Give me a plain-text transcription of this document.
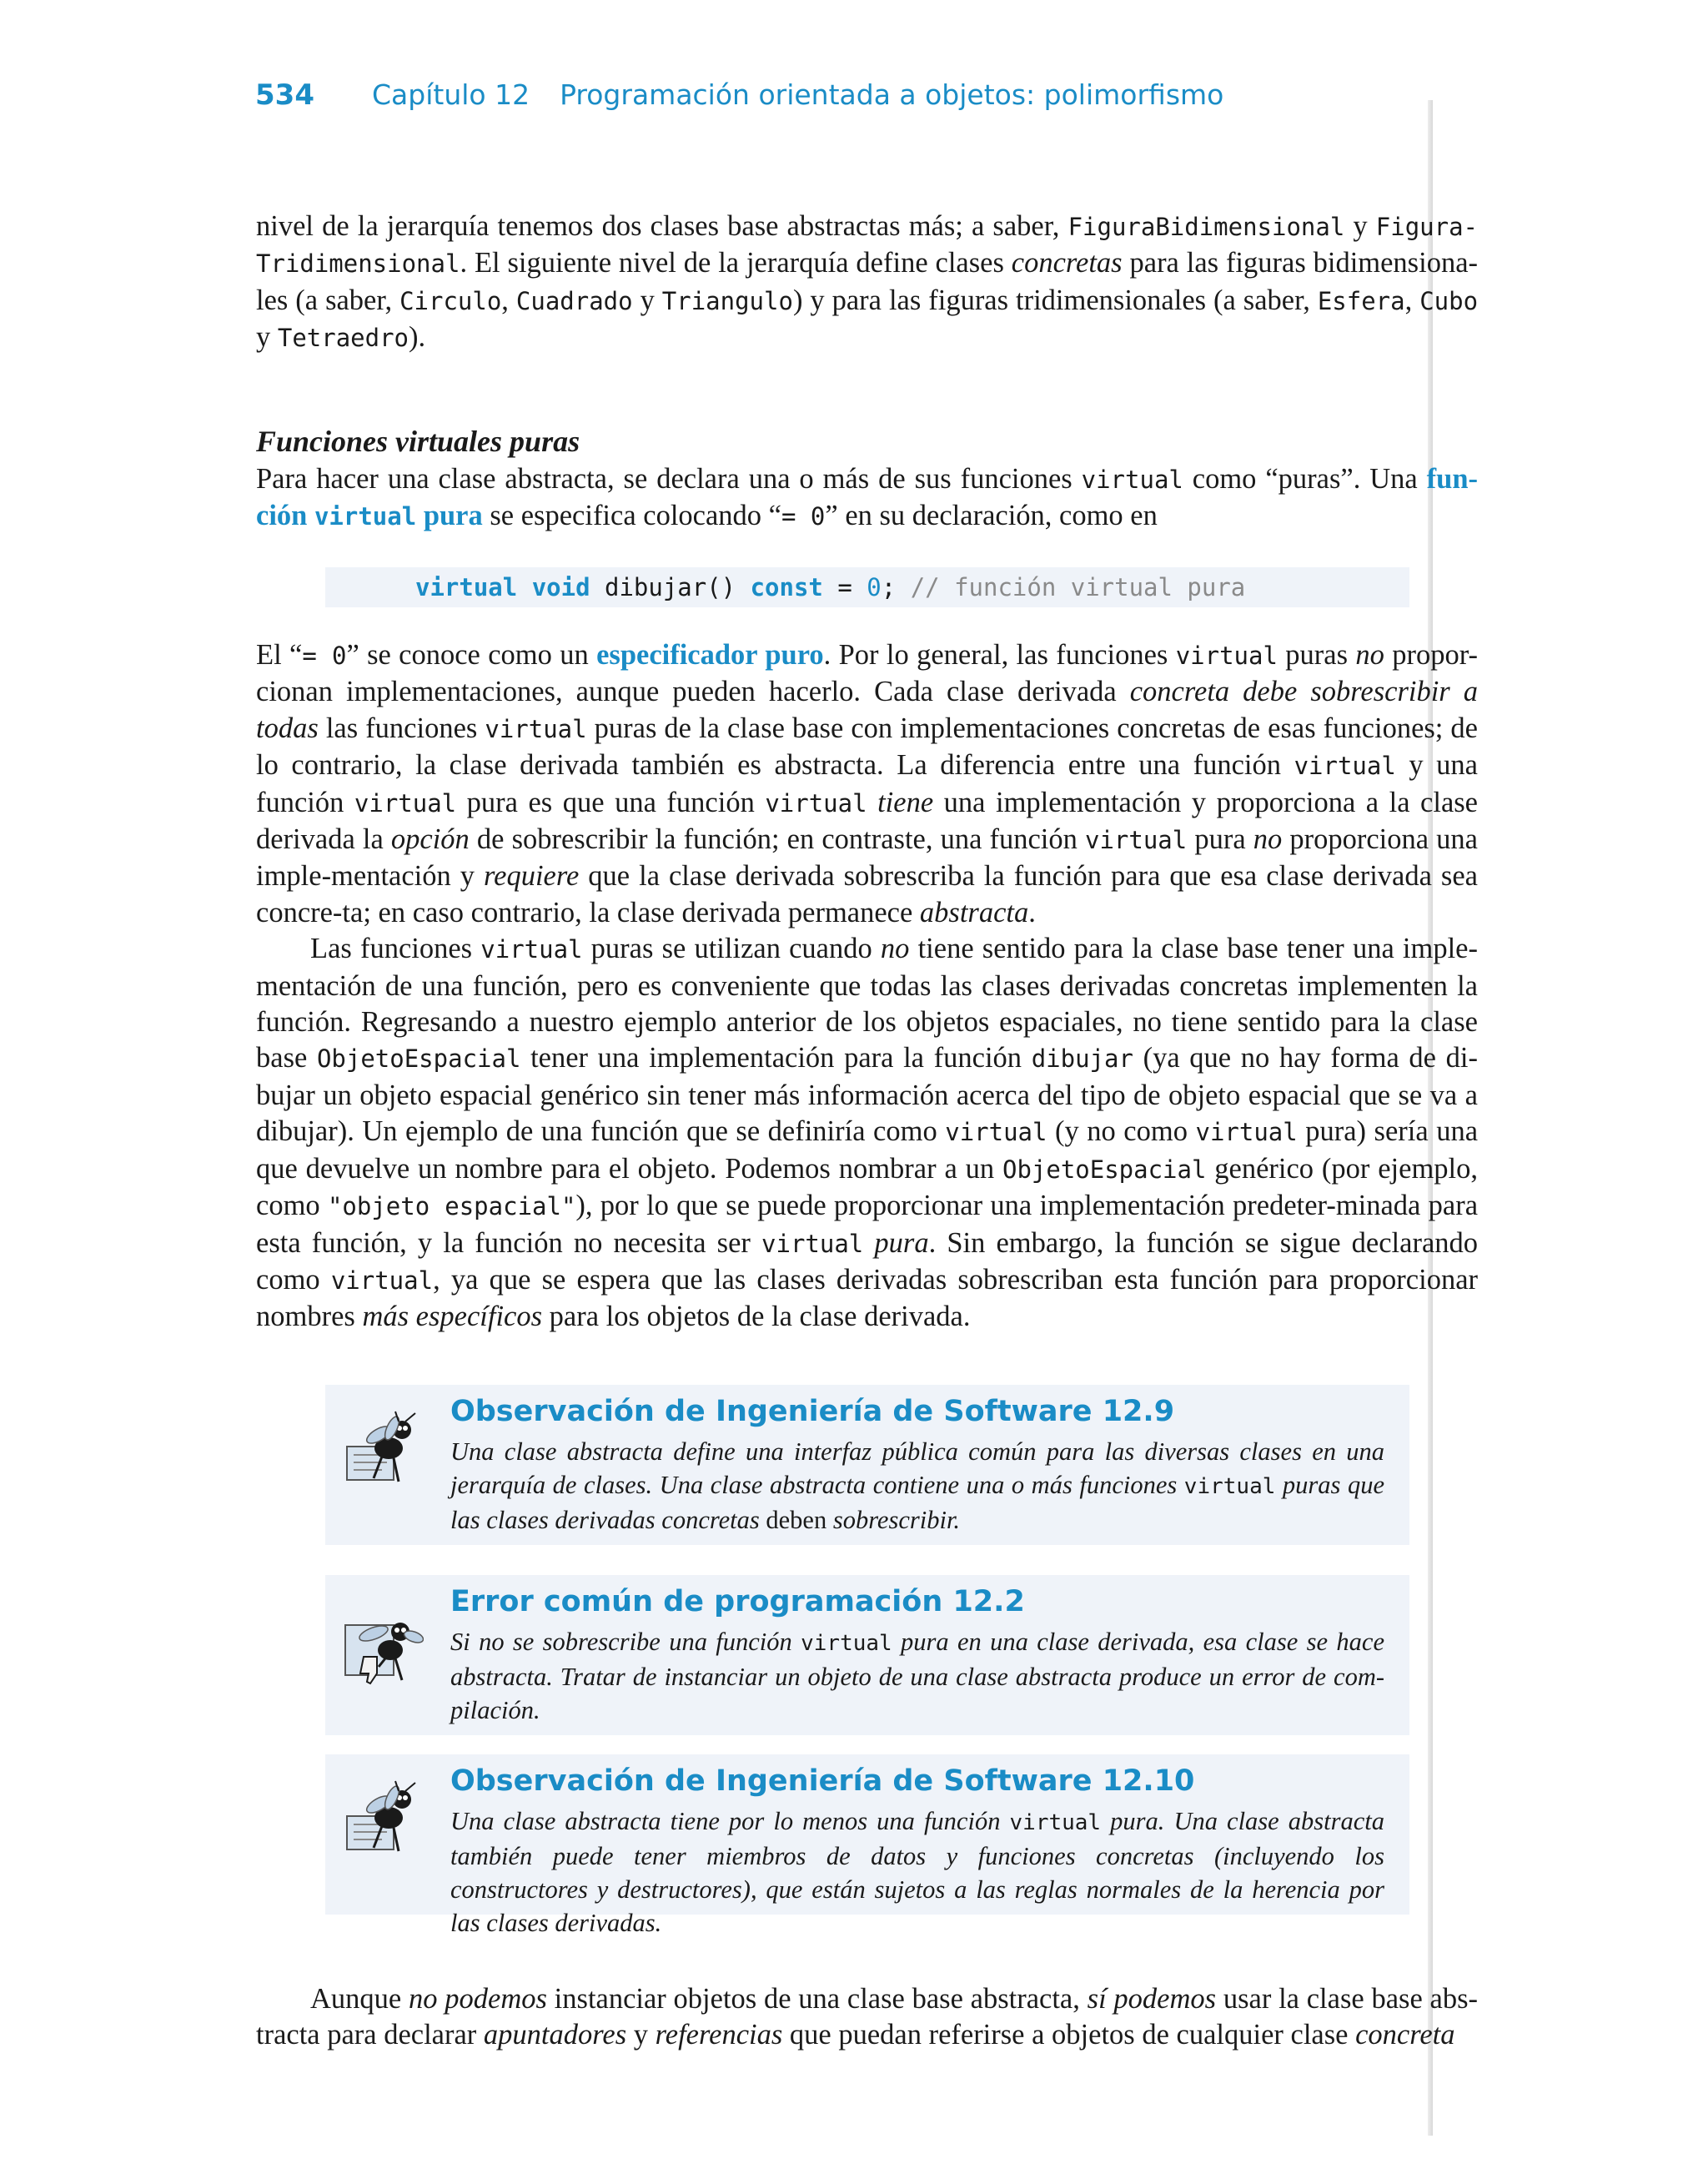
534	Capítulo 12 Programación orientada a objetos: polimorfismo

nivel de la jerarquía tenemos dos clases base abstractas más; a saber, FiguraBidimensional y Figura-Tridimensional. El siguiente nivel de la jerarquía define clases concretas para las figuras bidimensiona-les (a saber, Circulo, Cuadrado y Triangulo) y para las figuras tridimensionales (a saber, Esfera, Cubo y Tetraedro).

Funciones virtuales puras

Para hacer una clase abstracta, se declara una o más de sus funciones virtual como “puras”. Una fun-ción virtual pura se especifica colocando “= 0” en su declaración, como en

virtual void dibujar() const = 0; // función virtual pura

El “= 0” se conoce como un especificador puro. Por lo general, las funciones virtual puras no propor-cionan implementaciones, aunque pueden hacerlo. Cada clase derivada concreta debe sobrescribir a todas las funciones virtual puras de la clase base con implementaciones concretas de esas funciones; de lo contrario, la clase derivada también es abstracta. La diferencia entre una función virtual y una función virtual pura es que una función virtual tiene una implementación y proporciona a la clase derivada la opción de sobrescribir la función; en contraste, una función virtual pura no proporciona una imple-mentación y requiere que la clase derivada sobrescriba la función para que esa clase derivada sea concre-ta; en caso contrario, la clase derivada permanece abstracta.

Las funciones virtual puras se utilizan cuando no tiene sentido para la clase base tener una imple-mentación de una función, pero es conveniente que todas las clases derivadas concretas implementen la función. Regresando a nuestro ejemplo anterior de los objetos espaciales, no tiene sentido para la clase base ObjetoEspacial tener una implementación para la función dibujar (ya que no hay forma de di-bujar un objeto espacial genérico sin tener más información acerca del tipo de objeto espacial que se va a dibujar). Un ejemplo de una función que se definiría como virtual (y no como virtual pura) sería una que devuelve un nombre para el objeto. Podemos nombrar a un ObjetoEspacial genérico (por ejemplo, como "objeto espacial"), por lo que se puede proporcionar una implementación predeter-minada para esta función, y la función no necesita ser virtual pura. Sin embargo, la función se sigue declarando como virtual, ya que se espera que las clases derivadas sobrescriban esta función para proporcionar nombres más específicos para los objetos de la clase derivada.

Observación de Ingeniería de Software 12.9
Una clase abstracta define una interfaz pública común para las diversas clases en una jerarquía de clases. Una clase abstracta contiene una o más funciones virtual puras que las clases derivadas concretas deben sobrescribir.
Error común de programación 12.2
Si no se sobrescribe una función virtual pura en una clase derivada, esa clase se hace abstracta. Tratar de instanciar un objeto de una clase abstracta produce un error de com-pilación.
Observación de Ingeniería de Software 12.10
Una clase abstracta tiene por lo menos una función virtual pura. Una clase abstracta también puede tener miembros de datos y funciones concretas (incluyendo los constructores y destructores), que están sujetos a las reglas normales de la herencia por las clases derivadas.

Aunque no podemos instanciar objetos de una clase base abstracta, sí podemos usar la clase base abs-tracta para declarar apuntadores y referencias que puedan referirse a objetos de cualquier clase concreta
